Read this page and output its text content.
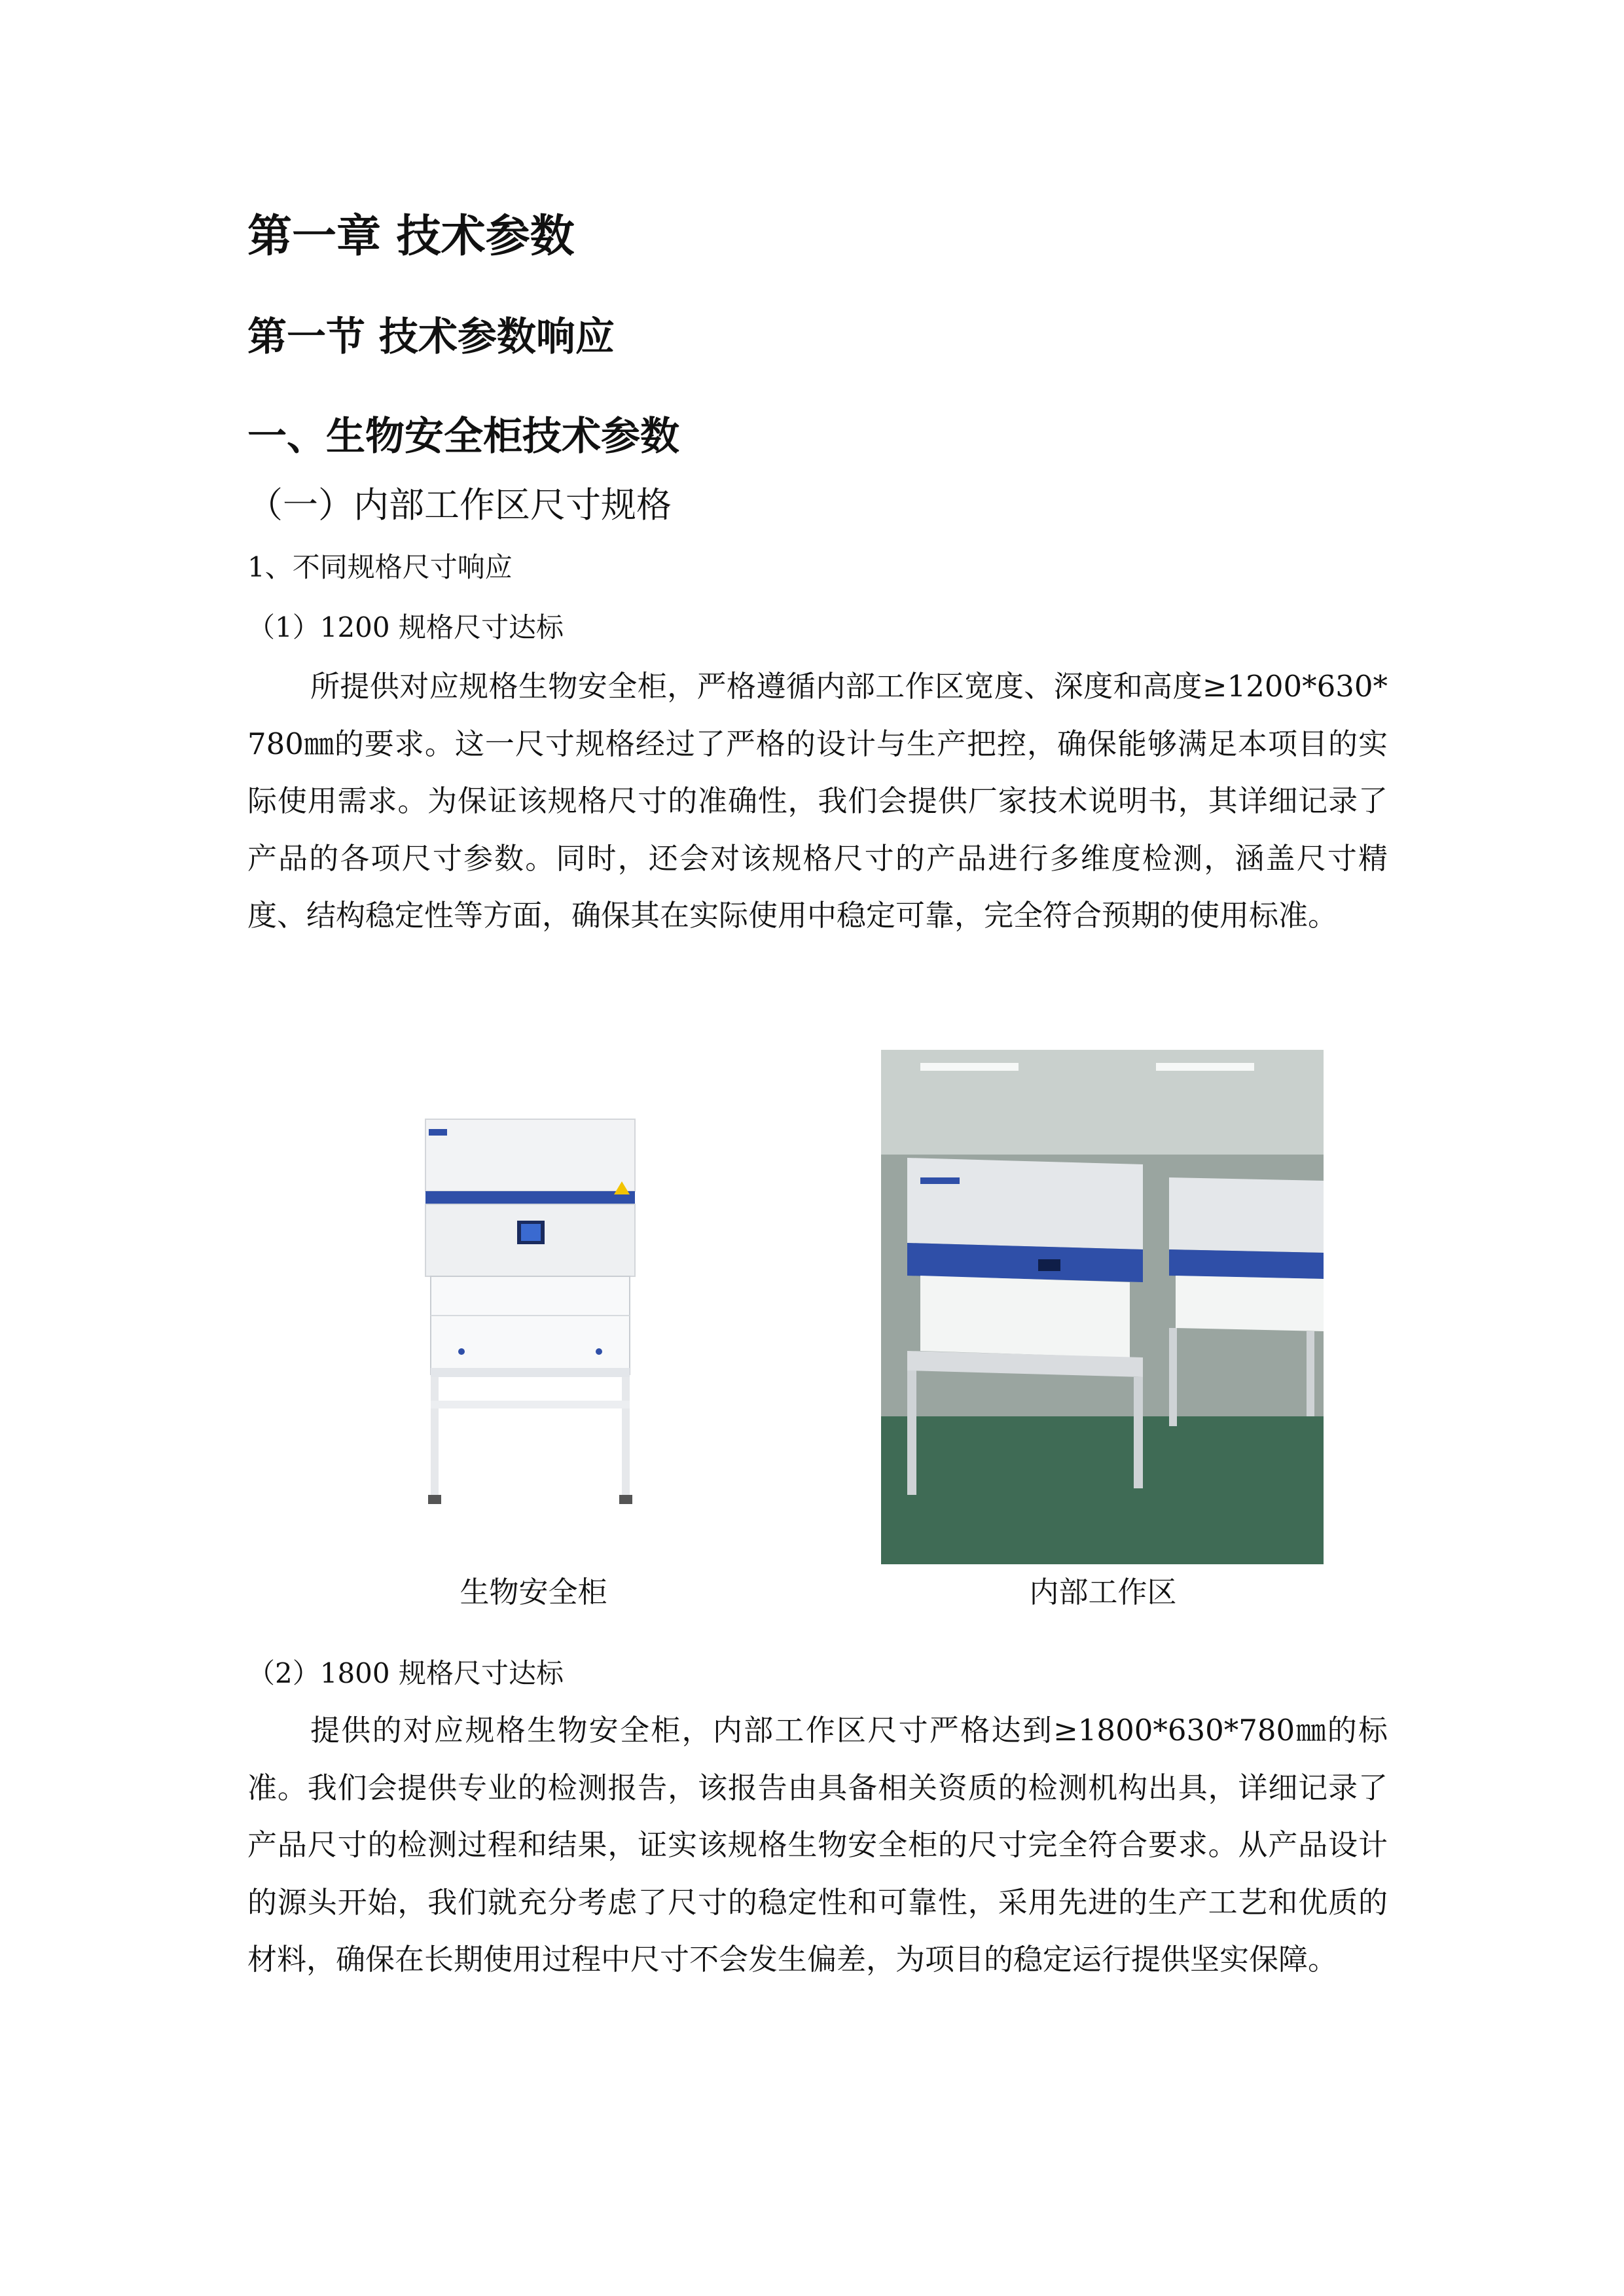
第一章 技术参数
第一节 技术参数响应
一、生物安全柜技术参数
（一）内部工作区尺寸规格
1、不同规格尺寸响应
（1）1200 规格尺寸达标

所提供对应规格生物安全柜，严格遵循内部工作区宽度、深度和高度≥1200*630*780㎜的要求。这一尺寸规格经过了严格的设计与生产把控，确保能够满足本项目的实际使用需求。为保证该规格尺寸的准确性，我们会提供厂家技术说明书，其详细记录了产品的各项尺寸参数。同时，还会对该规格尺寸的产品进行多维度检测，涵盖尺寸精度、结构稳定性等方面，确保其在实际使用中稳定可靠，完全符合预期的使用标准。

生物安全柜	内部工作区
（2）1800 规格尺寸达标

提供的对应规格生物安全柜，内部工作区尺寸严格达到≥1800*630*780㎜的标准。我们会提供专业的检测报告，该报告由具备相关资质的检测机构出具，详细记录了产品尺寸的检测过程和结果，证实该规格生物安全柜的尺寸完全符合要求。从产品设计的源头开始，我们就充分考虑了尺寸的稳定性和可靠性，采用先进的生产工艺和优质的材料，确保在长期使用过程中尺寸不会发生偏差，为项目的稳定运行提供坚实保障。
